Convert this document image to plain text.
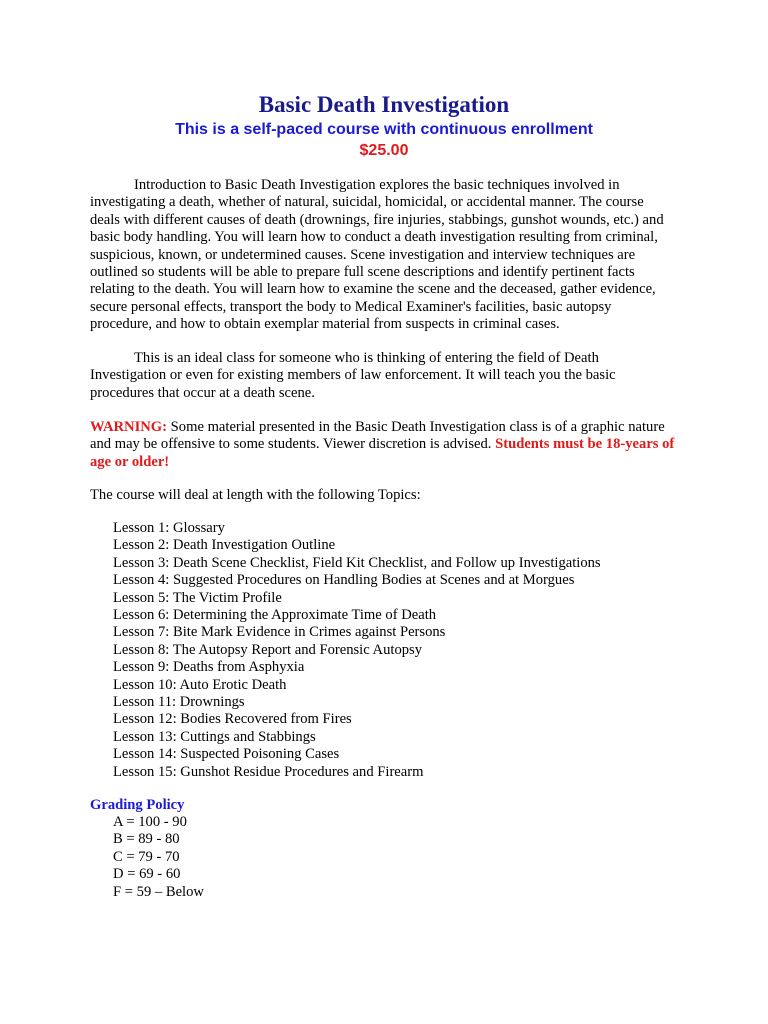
Basic Death Investigation

This is a self-paced course with continuous enrollment

$25.00

Introduction to Basic Death Investigation explores the basic techniques involved in investigating a death, whether of natural, suicidal, homicidal, or accidental manner. The course deals with different causes of death (drownings, fire injuries, stabbings, gunshot wounds, etc.) and basic body handling. You will learn how to conduct a death investigation resulting from criminal, suspicious, known, or undetermined causes. Scene investigation and interview techniques are outlined so students will be able to prepare full scene descriptions and identify pertinent facts relating to the death. You will learn how to examine the scene and the deceased, gather evidence, secure personal effects, transport the body to Medical Examiner's facilities, basic autopsy procedure, and how to obtain exemplar material from suspects in criminal cases.

This is an ideal class for someone who is thinking of entering the field of Death Investigation or even for existing members of law enforcement. It will teach you the basic procedures that occur at a death scene.

WARNING: Some material presented in the Basic Death Investigation class is of a graphic nature and may be offensive to some students. Viewer discretion is advised. Students must be 18-years of age or older!

The course will deal at length with the following Topics:

Lesson 1: Glossary
Lesson 2: Death Investigation Outline
Lesson 3: Death Scene Checklist, Field Kit Checklist, and Follow up Investigations
Lesson 4: Suggested Procedures on Handling Bodies at Scenes and at Morgues
Lesson 5: The Victim Profile
Lesson 6: Determining the Approximate Time of Death
Lesson 7: Bite Mark Evidence in Crimes against Persons
Lesson 8: The Autopsy Report and Forensic Autopsy
Lesson 9: Deaths from Asphyxia
Lesson 10: Auto Erotic Death
Lesson 11: Drownings
Lesson 12: Bodies Recovered from Fires
Lesson 13: Cuttings and Stabbings
Lesson 14: Suspected Poisoning Cases
Lesson 15: Gunshot Residue Procedures and Firearm

Grading Policy

A = 100 - 90
B = 89 - 80
C = 79 - 70
D = 69 - 60
F = 59 – Below
